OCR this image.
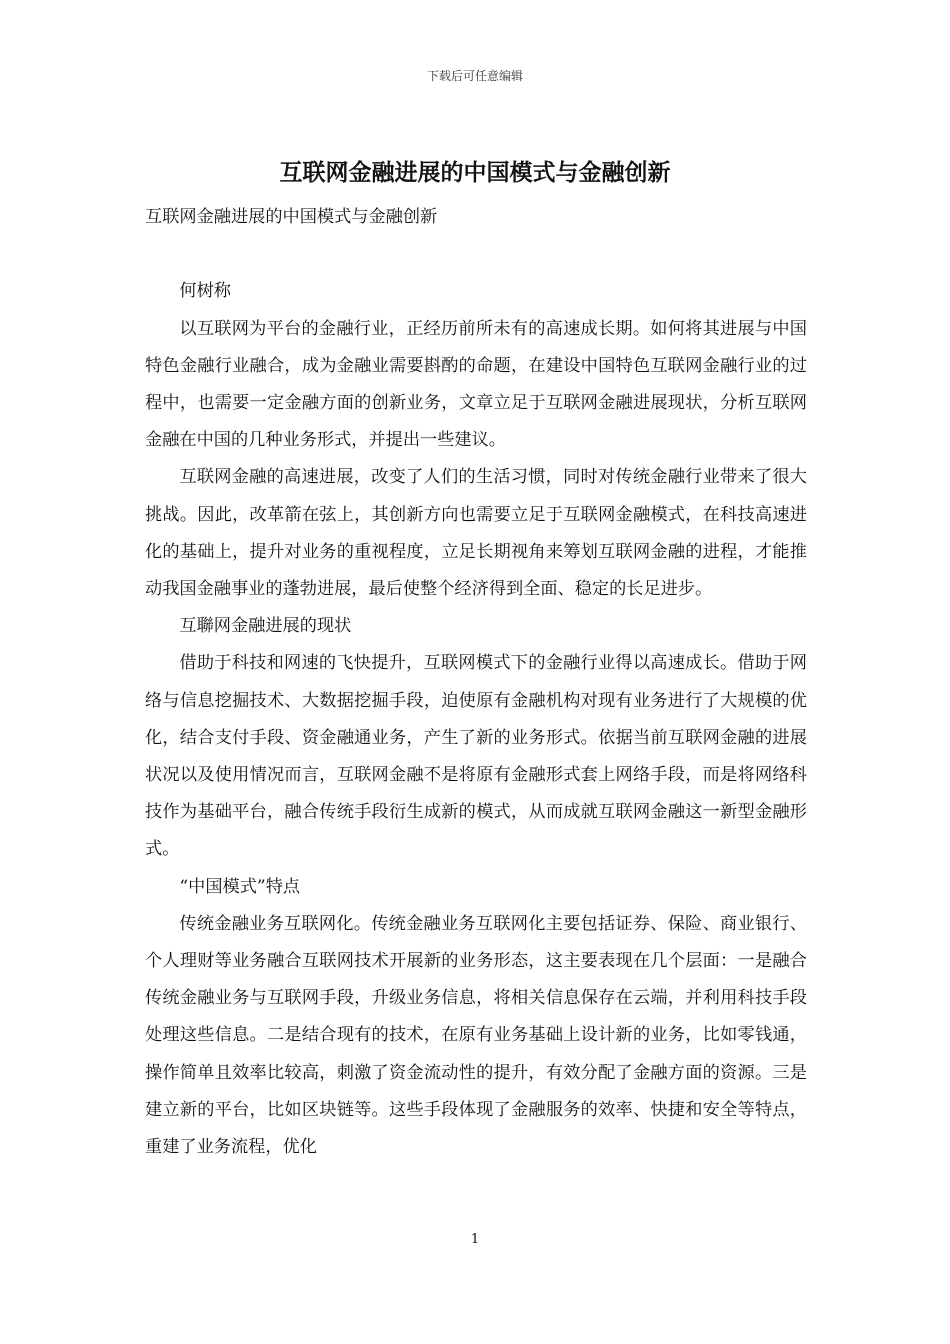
下载后可任意编辑
互联网金融进展的中国模式与金融创新

互联网金融进展的中国模式与金融创新

何树称

以互联网为平台的金融行业，正经历前所未有的高速成长期。如何将其进展与中国特色金融行业融合，成为金融业需要斟酌的命题，在建设中国特色互联网金融行业的过程中，也需要一定金融方面的创新业务，文章立足于互联网金融进展现状，分析互联网金融在中国的几种业务形式，并提出一些建议。

互联网金融的高速进展，改变了人们的生活习惯，同时对传统金融行业带来了很大挑战。因此，改革箭在弦上，其创新方向也需要立足于互联网金融模式，在科技高速进化的基础上，提升对业务的重视程度，立足长期视角来筹划互联网金融的进程，才能推动我国金融事业的蓬勃进展，最后使整个经济得到全面、稳定的长足进步。

互聯网金融进展的现状

借助于科技和网速的飞快提升，互联网模式下的金融行业得以高速成长。借助于网络与信息挖掘技术、大数据挖掘手段，迫使原有金融机构对现有业务进行了大规模的优化，结合支付手段、资金融通业务，产生了新的业务形式。依据当前互联网金融的进展状况以及使用情况而言，互联网金融不是将原有金融形式套上网络手段，而是将网络科技作为基础平台，融合传统手段衍生成新的模式，从而成就互联网金融这一新型金融形式。

“中国模式”特点

传统金融业务互联网化。传统金融业务互联网化主要包括证券、保险、商业银行、个人理财等业务融合互联网技术开展新的业务形态，这主要表现在几个层面：一是融合传统金融业务与互联网手段，升级业务信息，将相关信息保存在云端，并利用科技手段处理这些信息。二是结合现有的技术，在原有业务基础上设计新的业务，比如零钱通，操作简单且效率比较高，刺激了资金流动性的提升，有效分配了金融方面的资源。三是建立新的平台，比如区块链等。这些手段体现了金融服务的效率、快捷和安全等特点，重建了业务流程，优化

1
